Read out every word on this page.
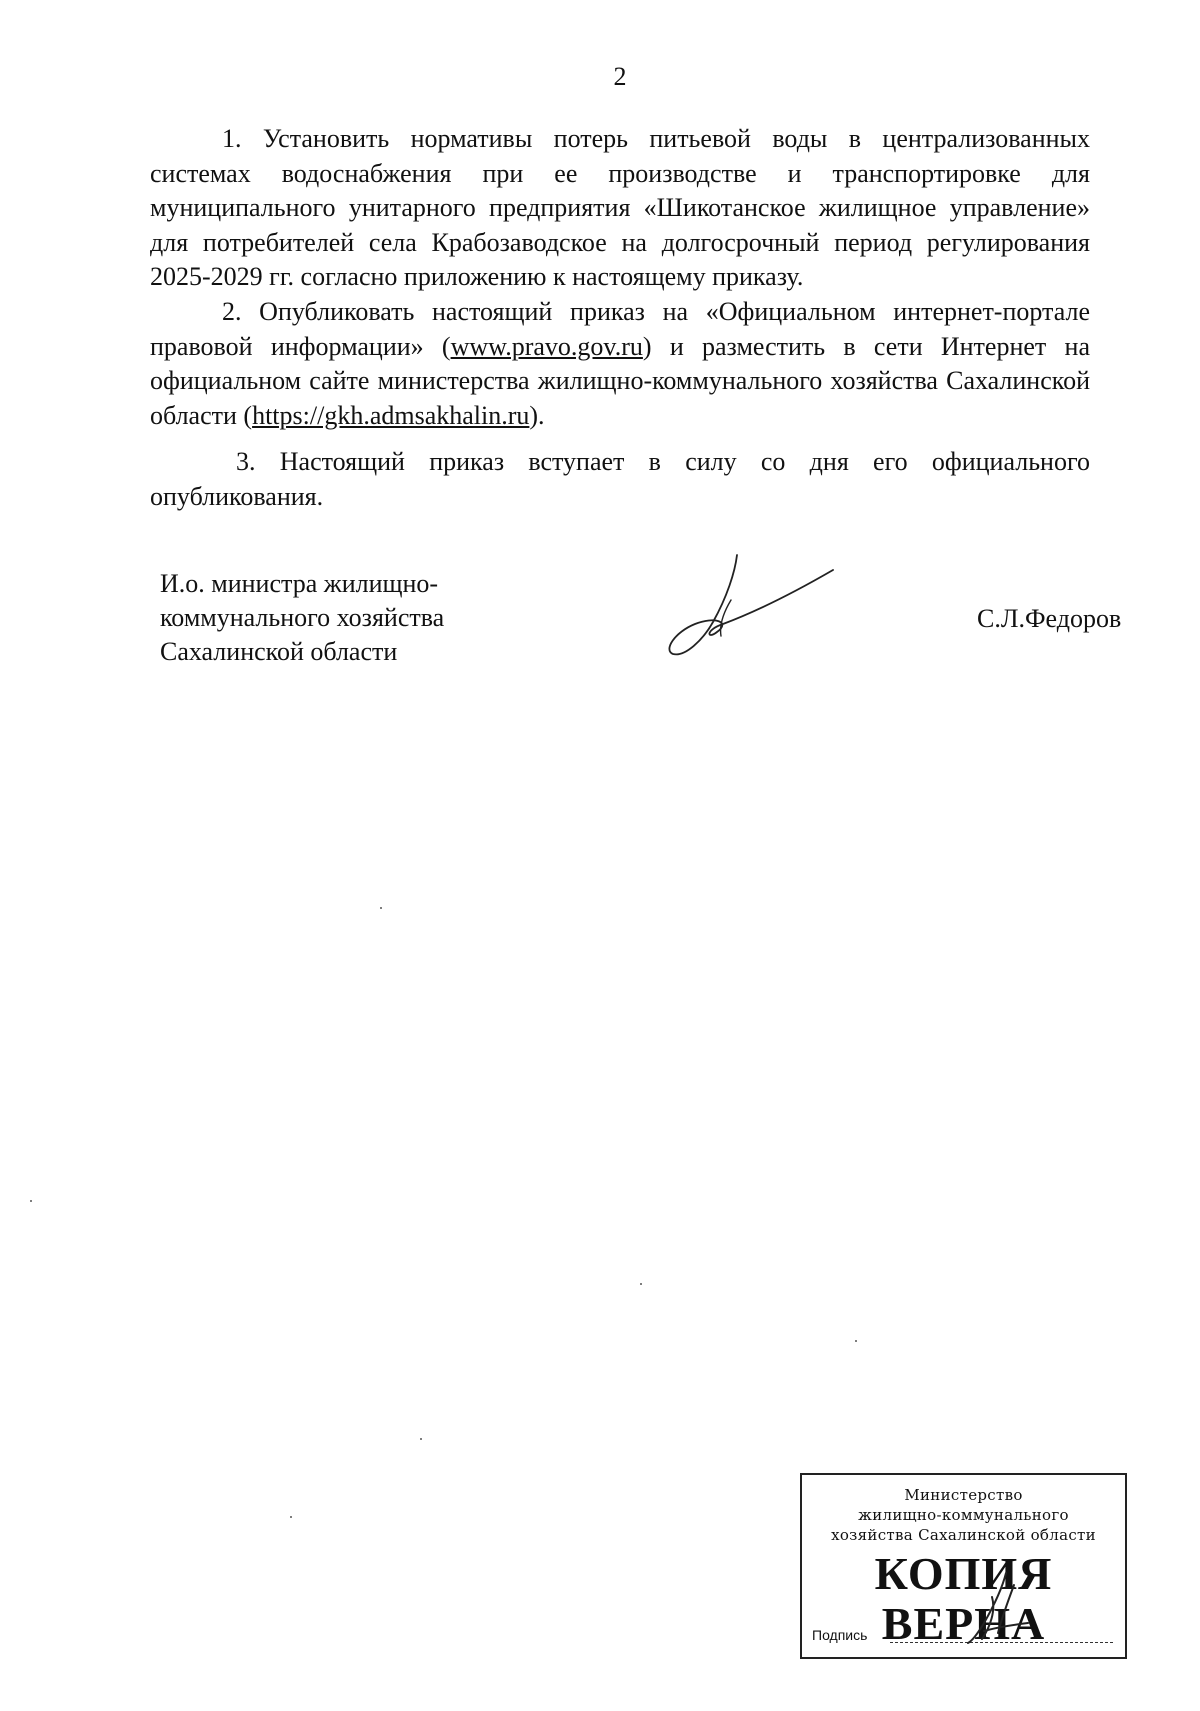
2

1. Установить нормативы потерь питьевой воды в централизованных системах водоснабжения при ее производстве и транспортировке для муниципального унитарного предприятия «Шикотанское жилищное управление» для потребителей села Крабозаводское на долгосрочный период регулирования 2025-2029 гг. согласно приложению к настоящему приказу.

2. Опубликовать настоящий приказ на «Официальном интернет-портале правовой информации» (www.pravo.gov.ru) и разместить в сети Интернет на официальном сайте министерства жилищно-коммунального хозяйства Сахалинской области (https://gkh.admsakhalin.ru).

3. Настоящий приказ вступает в силу со дня его официального опубликования.

И.о. министра жилищно-
коммунального хозяйства
Сахалинской области
С.Л.Федоров
Министерство
жилищно-коммунального
хозяйства Сахалинской области
КОПИЯ ВЕРНА
Подпись
